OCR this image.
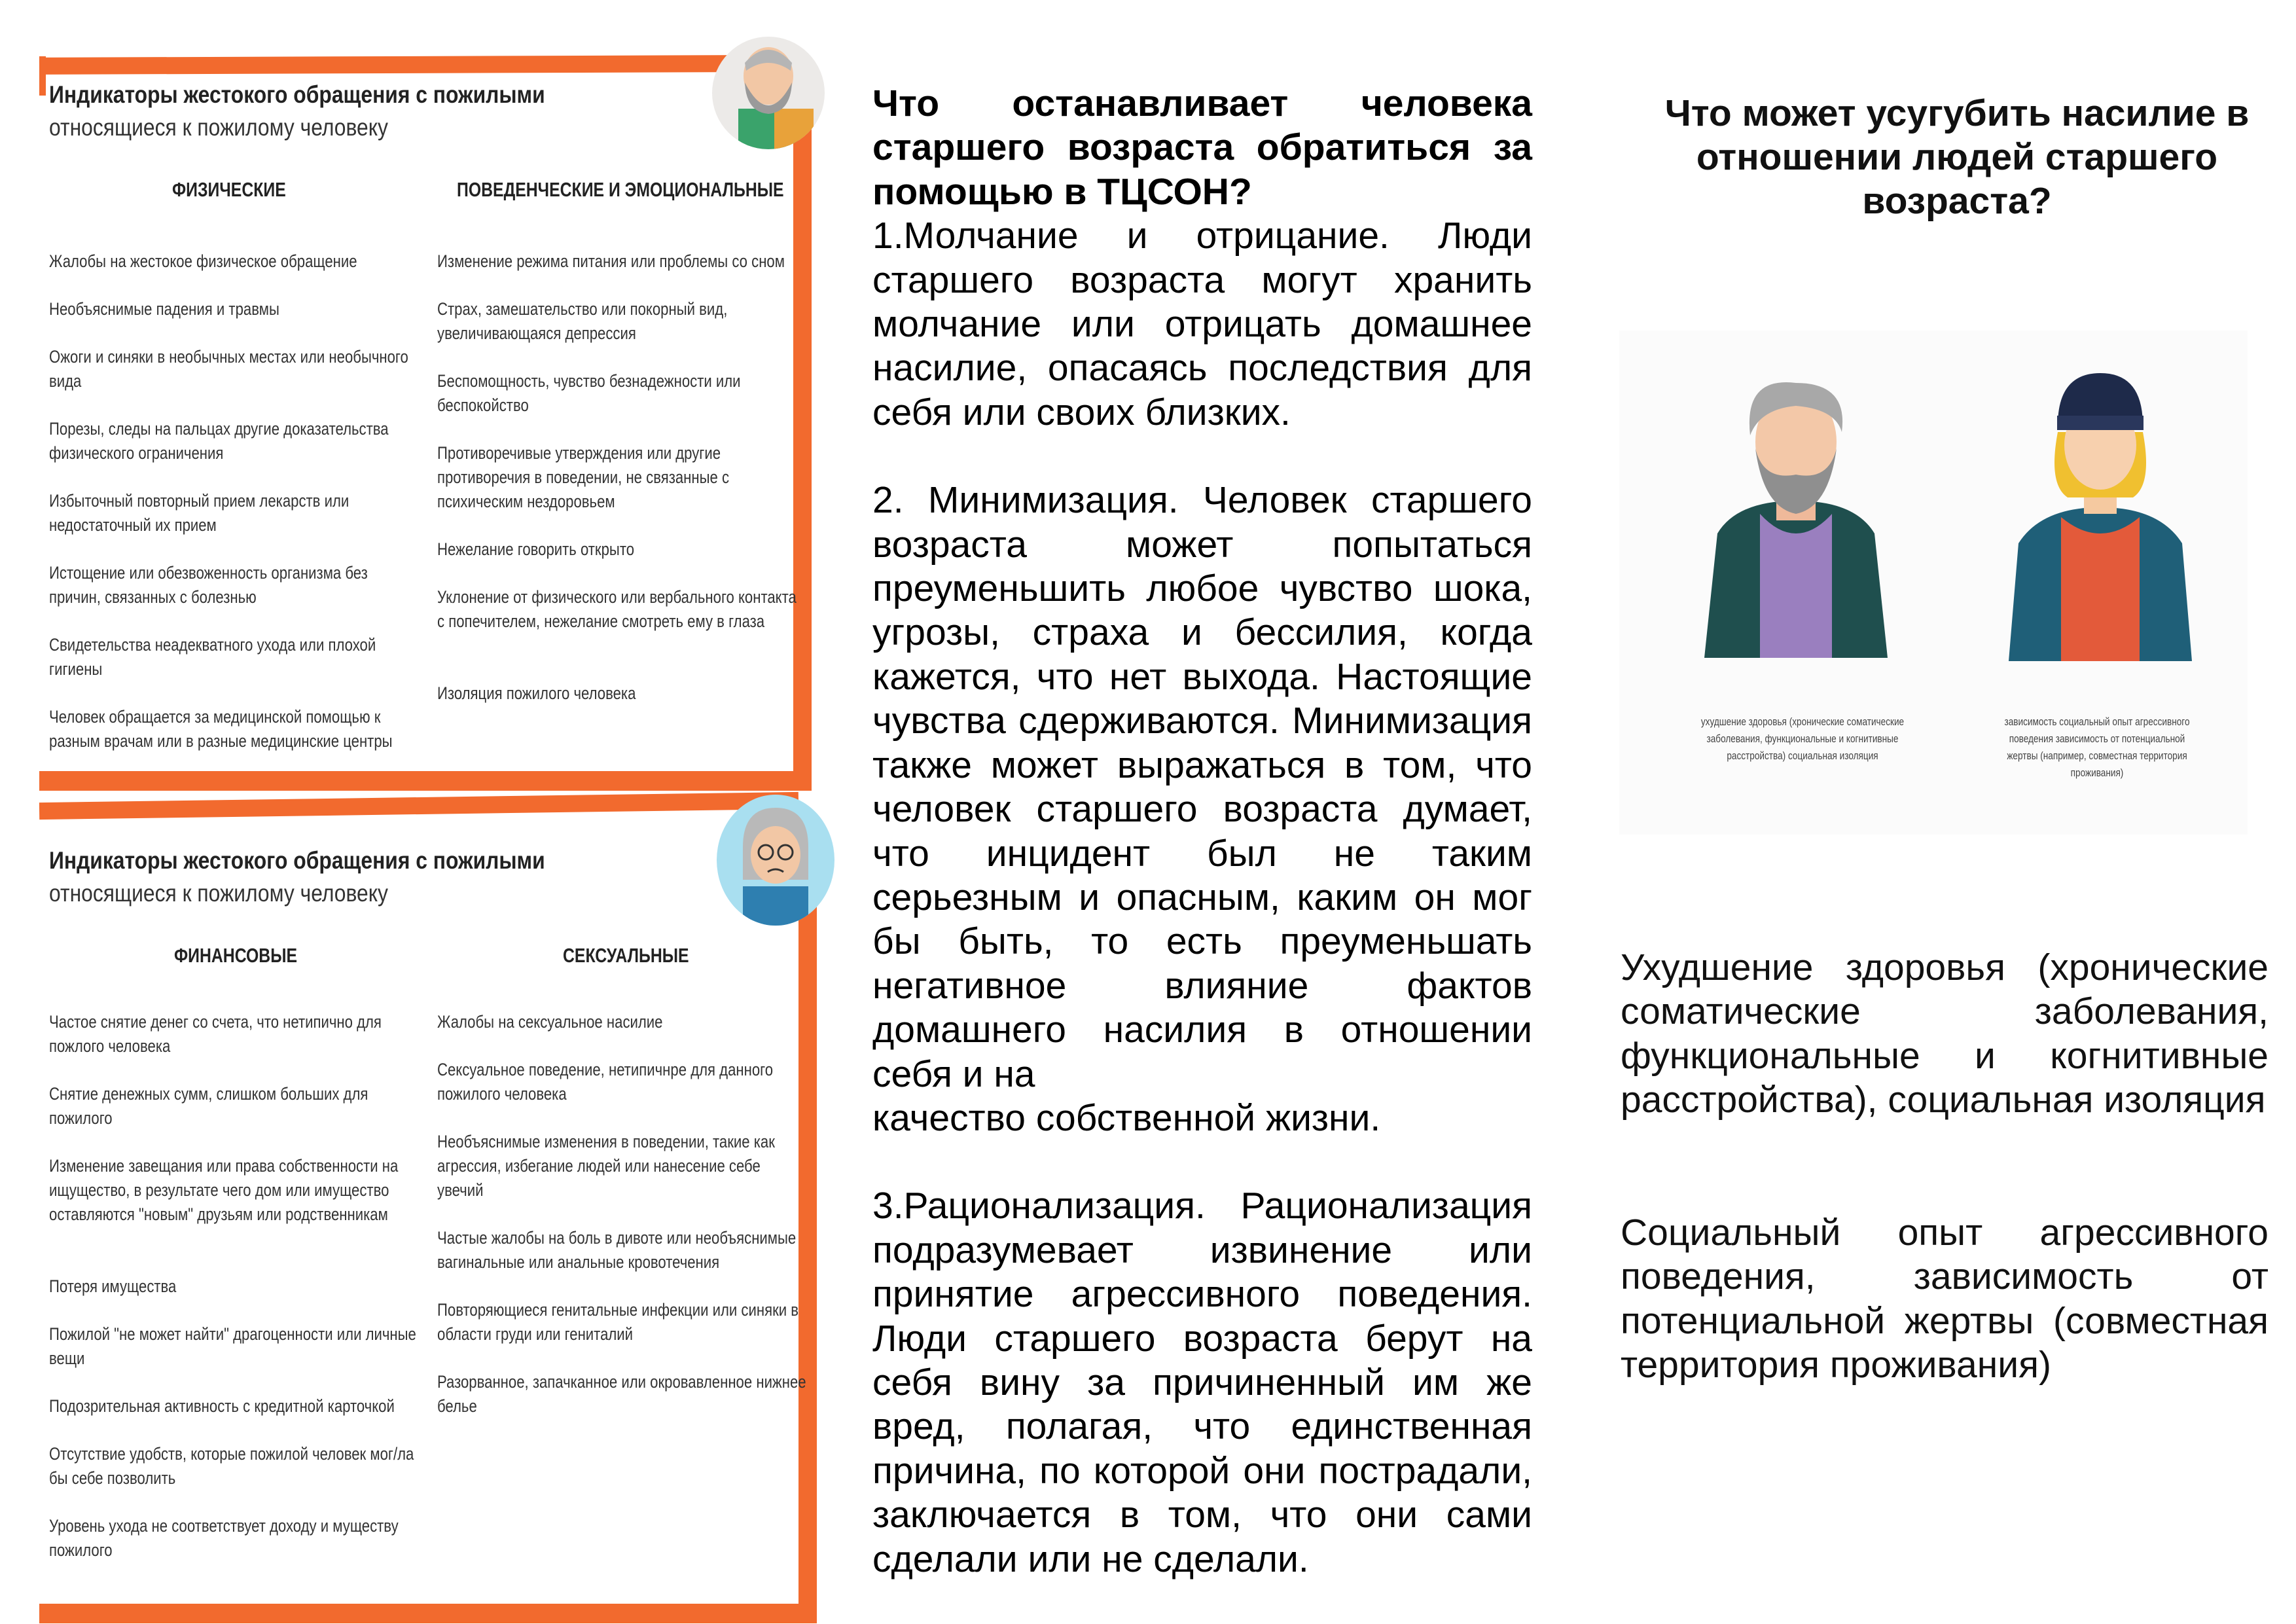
Индикаторы жестокого обращения с пожилыми
относящиеся к пожилому человеку
ФИЗИЧЕСКИЕ	ПОВЕДЕНЧЕСКИЕ И ЭМОЦИОНАЛЬНЫЕ
Жалобы на жестокое физическое обращение
Необъяснимые падения и травмы
Ожоги и синяки в необычных местах или необычного вида
Порезы, следы на пальцах другие доказательства физического ограничения
Избыточный повторный прием лекарств или недостаточный их прием
Истощение или обезвоженность организма без причин, связанных с болезнью
Свидетельства неадекватного ухода или плохой гигиены
Человек обращается за медицинской помощью к разным врачам или в разные медицинские центры
Изменение режима питания или проблемы со сном
Страх, замешательство или покорный вид, увеличивающаяся депрессия
Беспомощность, чувство безнадежности или беспокойство
Противоречивые утверждения или другие противоречия в поведении, не связанные с психическим нездоровьем
Нежелание говорить открыто
Уклонение от физического или вербального контакта с попечителем, нежелание смотреть ему в глаза
Изоляция пожилого человека
Индикаторы жестокого обращения с пожилыми
относящиеся к пожилому человеку
ФИНАНСОВЫЕ	СЕКСУАЛЬНЫЕ
Частое снятие денег со счета, что нетипично для пожлого человека
Снятие денежных сумм, слишком больших для пожилого
Изменение завещания или права собственности на ищущество, в результате чего дом или имущество оставляются "новым" друзьям или родственникам
Потеря имущества
Пожилой "не может найти" драгоценности или личные вещи
Подозрительная активность с кредитной карточкой
Отсутствие удобств, которые пожилой человек мог/ла бы себе позволить
Уровень ухода не соответствует доходу и муществу пожилого
Жалобы на сексуальное насилие
Сексуальное поведение, нетипичнре для данного пожилого человека
Необъяснимые изменения в поведении, такие как агрессия, избегание людей или нанесение себе увечий
Частые жалобы на боль в дивоте или необъяснимые вагинальные или анальные кровотечения
Повторяющиеся генитальные инфекции или синяки в области груди или гениталий
Разорванное, запачканное или окровавленное нижнее белье

Что останавливает человека старшего возраста обратиться за помощью в ТЦСОН?

1.Молчание и отрицание. Люди старшего возраста могут хранить молчание или отрицать домашнее насилие, опасаясь последствия для себя или своих близких.

2. Минимизация. Человек старшего возраста может попытаться преуменьшить любое чувство шока, угрозы, страха и бессилия, когда кажется, что нет выхода. Настоящие чувства сдерживаются. Минимизация также может выражаться в том, что человек старшего возраста думает, что инцидент был не таким серьезным и опасным, каким он мог бы быть, то есть преуменьшать негативное влияние фактов домашнего насилия в отношении себя и на

качество собственной жизни.

3.Рационализация. Рационализация подразумевает извинение или принятие агрессивного поведения. Люди старшего возраста берут на себя вину за причиненный им же вред, полагая, что единственная причина, по которой они пострадали, заключается в том, что они сами сделали или не сделали.

Что может усугубить насилие в отношении людей старшего возраста?
ухудшение здоровья (хронические соматические заболевания, функциональные и когнитивные расстройства) социальная изоляция
зависимость социальный опыт агрессивного поведения зависимость от потенциальной жертвы (например, совместная территория проживания)

Ухудшение здоровья (хронические соматические заболевания, функциональные и когнитивные расстройства), социальная изоляция

Социальный опыт агрессивного поведения, зависимость от потенциальной жертвы (совместная территория проживания)
